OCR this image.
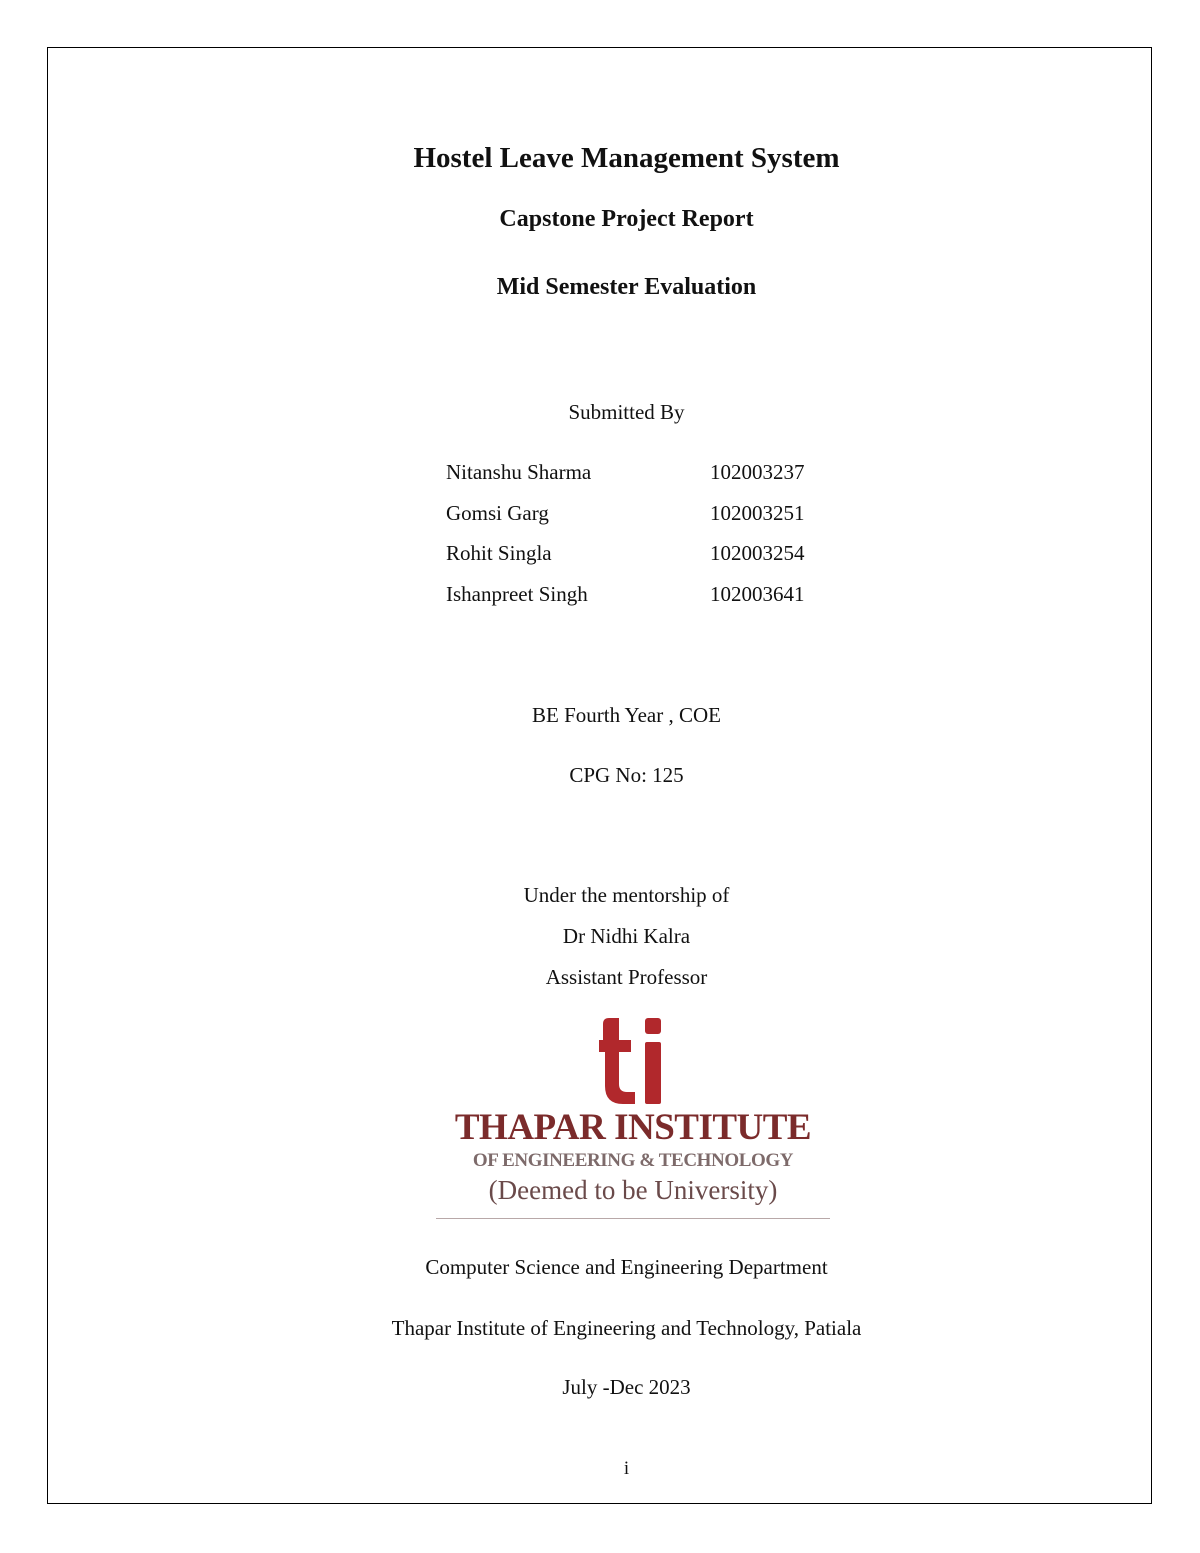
Hostel Leave Management System
Capstone Project Report
Mid Semester Evaluation
Submitted By
Nitanshu Sharma	102003237
Gomsi Garg	102003251
Rohit Singla	102003254
Ishanpreet Singh	102003641
BE Fourth Year , COE
CPG No: 125
Under the mentorship of
Dr Nidhi Kalra
Assistant Professor
THAPAR INSTITUTE
OF ENGINEERING & TECHNOLOGY
(Deemed to be University)
Computer Science and Engineering Department
Thapar Institute of Engineering and Technology, Patiala
July -Dec 2023
i
